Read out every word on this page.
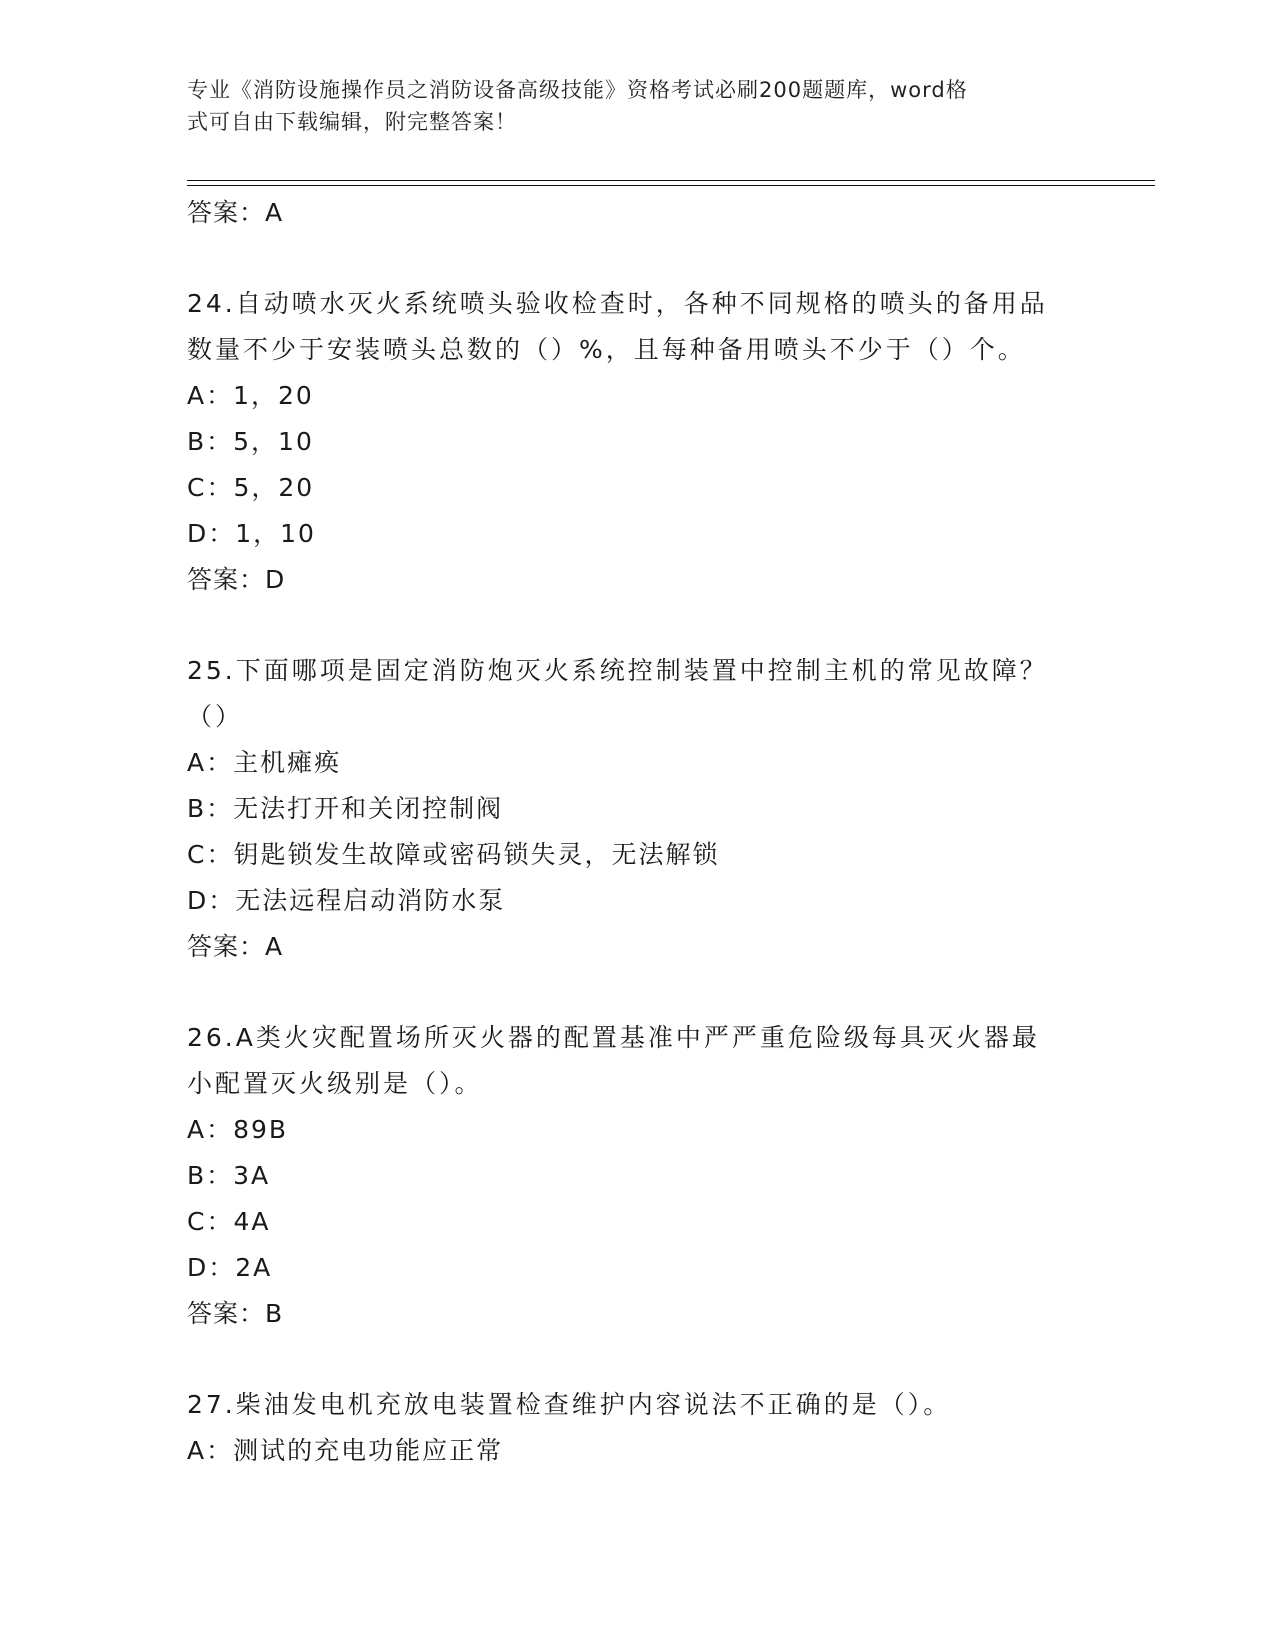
专业《消防设施操作员之消防设备高级技能》资格考试必刷200题题库，word格
式可自由下载编辑，附完整答案！
答案：A
24.自动喷水灭火系统喷头验收检查时，各种不同规格的喷头的备用品
数量不少于安装喷头总数的（）%，且每种备用喷头不少于（）个。
A：1，20
B：5，10
C：5，20
D：1，10
答案：D
25.下面哪项是固定消防炮灭火系统控制装置中控制主机的常见故障？
（）
A：主机瘫痪
B：无法打开和关闭控制阀
C：钥匙锁发生故障或密码锁失灵，无法解锁
D：无法远程启动消防水泵
答案：A
26.A类火灾配置场所灭火器的配置基准中严严重危险级每具灭火器最
小配置灭火级别是（）。
A：89B
B：3A
C：4A
D：2A
答案：B
27.柴油发电机充放电装置检查维护内容说法不正确的是（）。
A：测试的充电功能应正常
